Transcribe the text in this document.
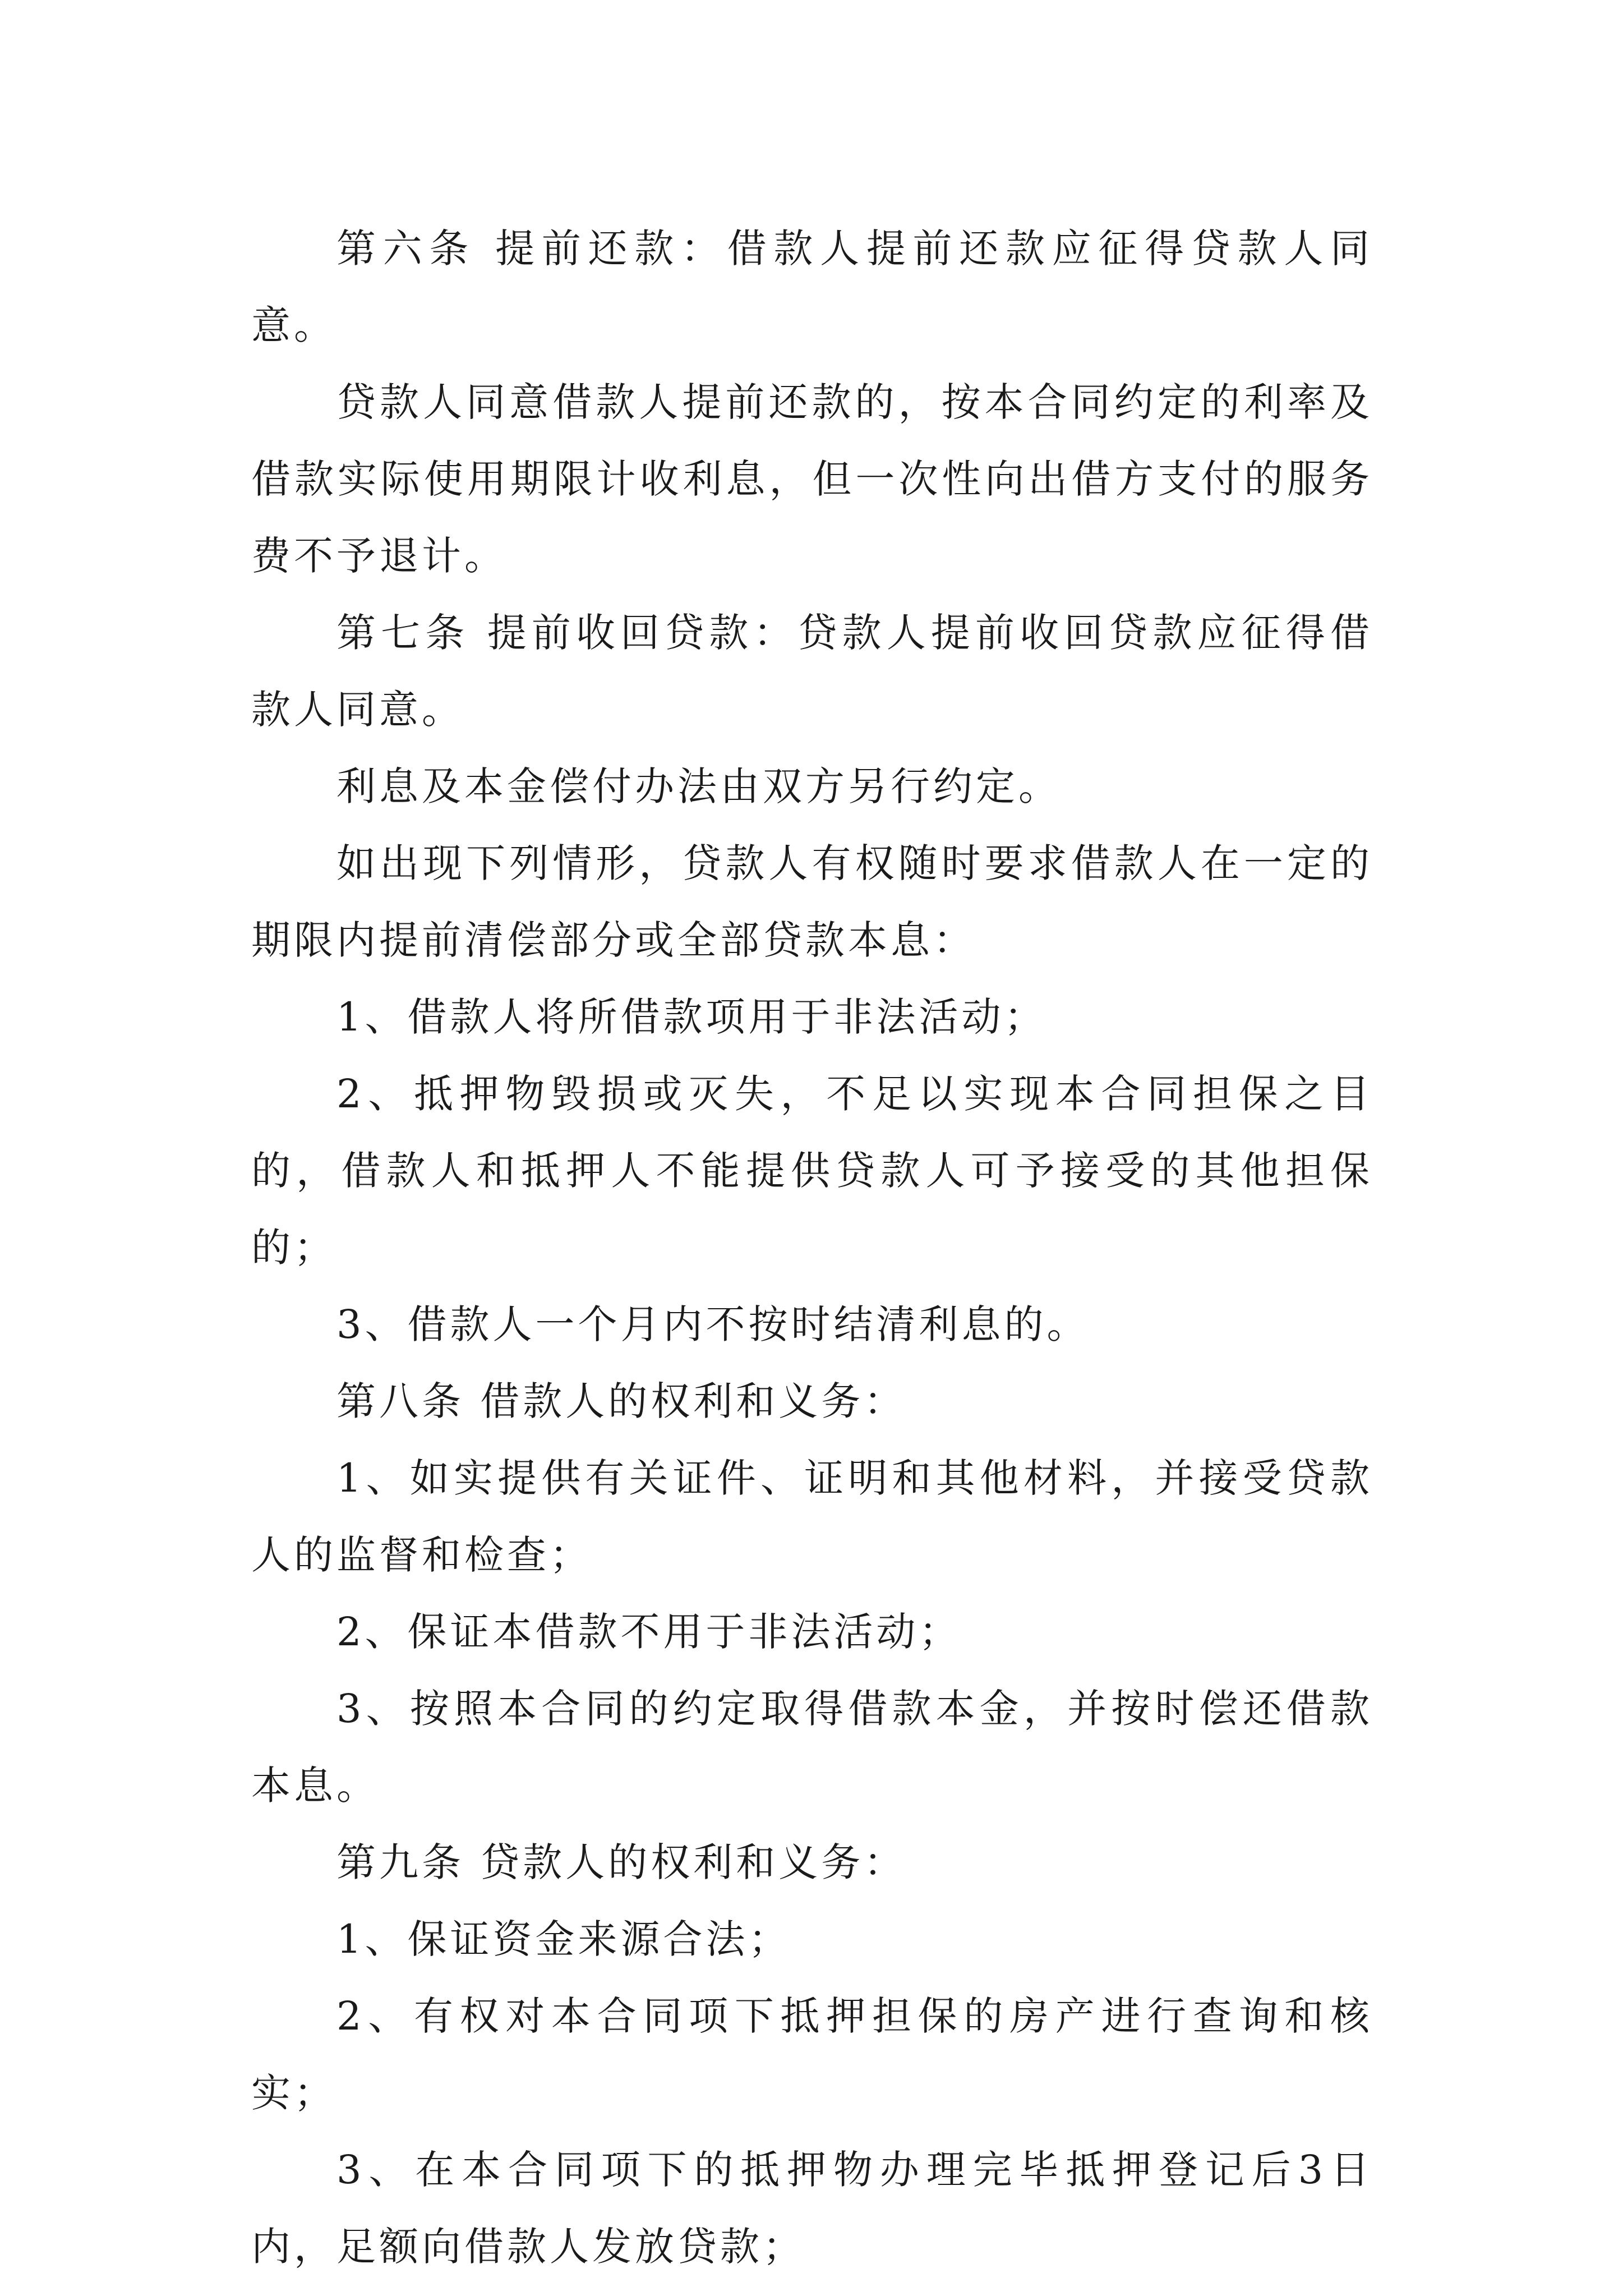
第六条 提前还款：借款人提前还款应征得贷款人同意。

贷款人同意借款人提前还款的，按本合同约定的利率及借款实际使用期限计收利息，但一次性向出借方支付的服务费不予退计。

第七条 提前收回贷款：贷款人提前收回贷款应征得借款人同意。

利息及本金偿付办法由双方另行约定。

如出现下列情形，贷款人有权随时要求借款人在一定的期限内提前清偿部分或全部贷款本息：

1、借款人将所借款项用于非法活动；

2、抵押物毁损或灭失，不足以实现本合同担保之目的，借款人和抵押人不能提供贷款人可予接受的其他担保的；

3、借款人一个月内不按时结清利息的。

第八条 借款人的权利和义务：

1、如实提供有关证件、证明和其他材料，并接受贷款人的监督和检查；

2、保证本借款不用于非法活动；

3、按照本合同的约定取得借款本金，并按时偿还借款本息。

第九条 贷款人的权利和义务：

1、保证资金来源合法；

2、有权对本合同项下抵押担保的房产进行查询和核实；

3、在本合同项下的抵押物办理完毕抵押登记后3日内，足额向借款人发放贷款；
